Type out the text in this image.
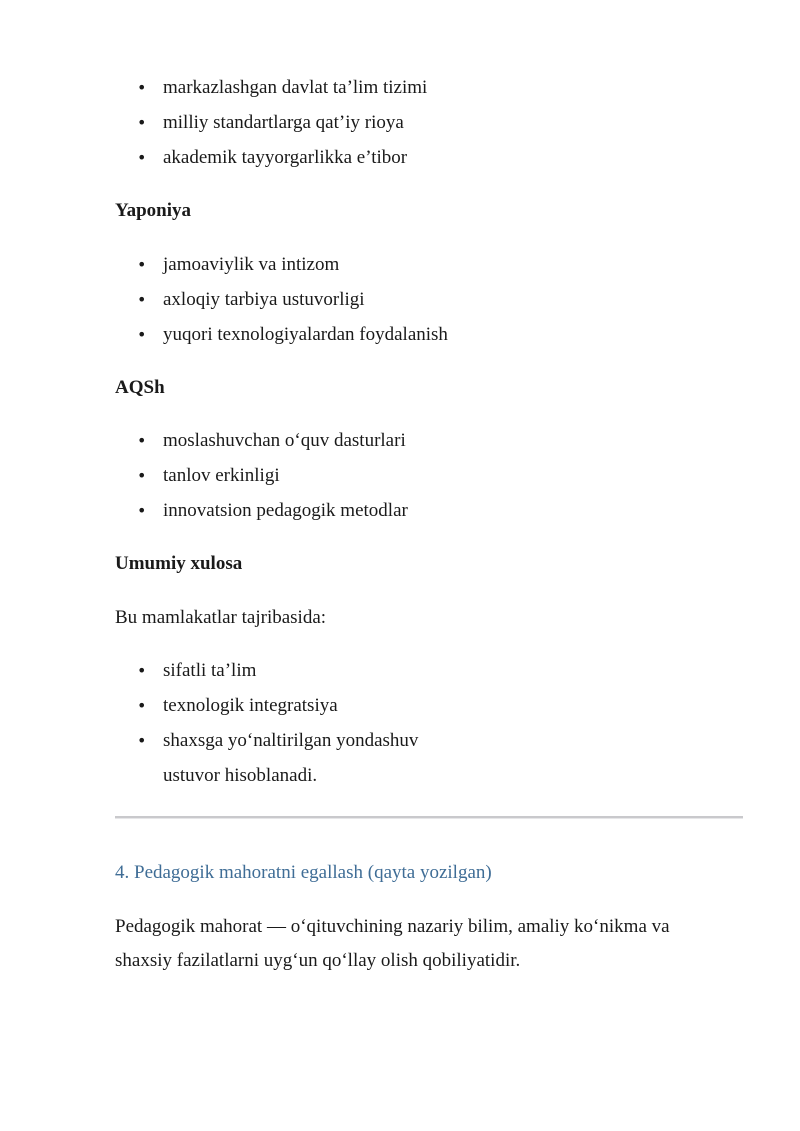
• markazlashgan davlat ta’lim tizimi
• milliy standartlarga qat’iy rioya
• akademik tayyorgarlikka e’tibor
Yaponiya
• jamoaviylik va intizom
• axloqiy tarbiya ustuvorligi
• yuqori texnologiyalardan foydalanish
AQSh
• moslashuvchan o‘quv dasturlari
• tanlov erkinligi
• innovatsion pedagogik metodlar
Umumiy xulosa
Bu mamlakatlar tajribasida:
• sifatli ta’lim
• texnologik integratsiya
• shaxsga yo‘naltirilgan yondashuv
ustuvor hisoblanadi.
4. Pedagogik mahoratni egallash (qayta yozilgan)
Pedagogik mahorat — o‘qituvchining nazariy bilim, amaliy ko‘nikma va
shaxsiy fazilatlarni uyg‘un qo‘llay olish qobiliyatidir.
